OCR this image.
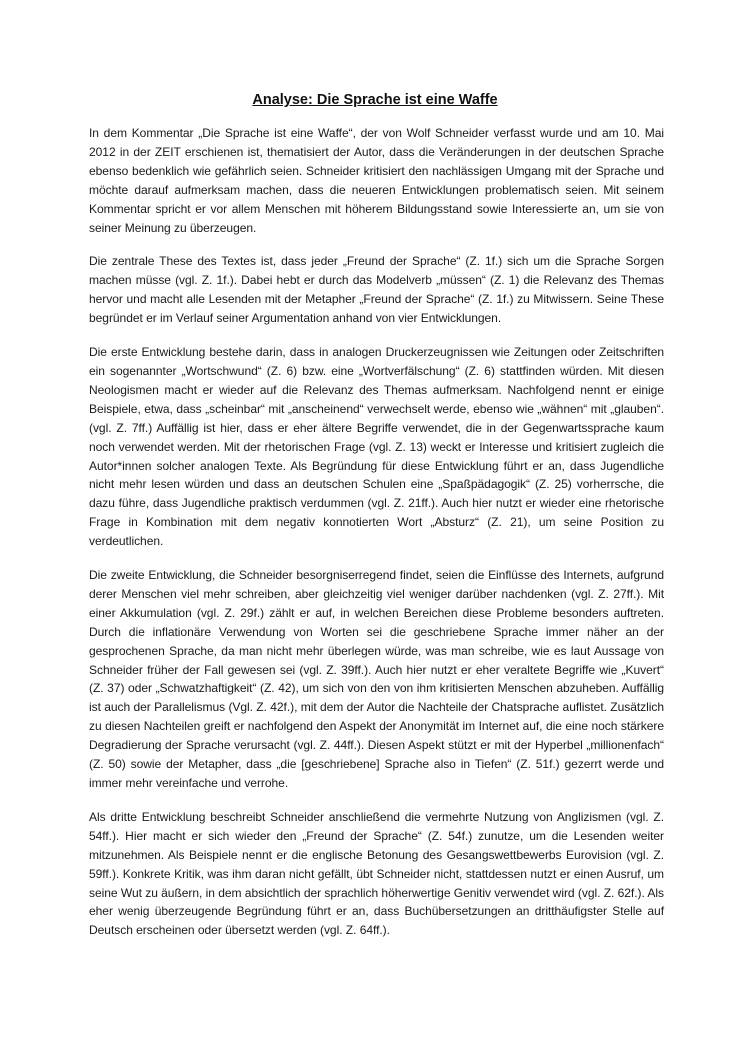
Analyse: Die Sprache ist eine Waffe

In dem Kommentar „Die Sprache ist eine Waffe“, der von Wolf Schneider verfasst wurde und am 10. Mai 2012 in der ZEIT erschienen ist, thematisiert der Autor, dass die Veränderungen in der deutschen Sprache ebenso bedenklich wie gefährlich seien. Schneider kritisiert den nachlässigen Umgang mit der Sprache und möchte darauf aufmerksam machen, dass die neueren Entwicklungen problematisch seien. Mit seinem Kommentar spricht er vor allem Menschen mit höherem Bildungsstand sowie Interessierte an, um sie von seiner Meinung zu überzeugen.

Die zentrale These des Textes ist, dass jeder „Freund der Sprache“ (Z. 1f.) sich um die Sprache Sorgen machen müsse (vgl. Z. 1f.). Dabei hebt er durch das Modelverb „müssen“ (Z. 1) die Relevanz des Themas hervor und macht alle Lesenden mit der Metapher „Freund der Sprache“ (Z. 1f.) zu Mitwissern. Seine These begründet er im Verlauf seiner Argumentation anhand von vier Entwicklungen.

Die erste Entwicklung bestehe darin, dass in analogen Druckerzeugnissen wie Zeitungen oder Zeitschriften ein sogenannter „Wortschwund“ (Z. 6) bzw. eine „Wortverfälschung“ (Z. 6) stattfinden würden. Mit diesen Neologismen macht er wieder auf die Relevanz des Themas aufmerksam. Nachfolgend nennt er einige Beispiele, etwa, dass „scheinbar“ mit „anscheinend“ verwechselt werde, ebenso wie „wähnen“ mit „glauben“. (vgl. Z. 7ff.) Auffällig ist hier, dass er eher ältere Begriffe verwendet, die in der Gegenwartssprache kaum noch verwendet werden. Mit der rhetorischen Frage (vgl. Z. 13) weckt er Interesse und kritisiert zugleich die Autor*innen solcher analogen Texte. Als Begründung für diese Entwicklung führt er an, dass Jugendliche nicht mehr lesen würden und dass an deutschen Schulen eine „Spaßpädagogik“ (Z. 25) vorherrsche, die dazu führe, dass Jugendliche praktisch verdummen (vgl. Z. 21ff.). Auch hier nutzt er wieder eine rhetorische Frage in Kombination mit dem negativ konnotierten Wort „Absturz“ (Z. 21), um seine Position zu verdeutlichen.

Die zweite Entwicklung, die Schneider besorgniserregend findet, seien die Einflüsse des Internets, aufgrund derer Menschen viel mehr schreiben, aber gleichzeitig viel weniger darüber nachdenken (vgl. Z. 27ff.). Mit einer Akkumulation (vgl. Z. 29f.) zählt er auf, in welchen Bereichen diese Probleme besonders auftreten. Durch die inflationäre Verwendung von Worten sei die geschriebene Sprache immer näher an der gesprochenen Sprache, da man nicht mehr überlegen würde, was man schreibe, wie es laut Aussage von Schneider früher der Fall gewesen sei (vgl. Z. 39ff.). Auch hier nutzt er eher veraltete Begriffe wie „Kuvert“ (Z. 37) oder „Schwatzhaftigkeit“ (Z. 42), um sich von den von ihm kritisierten Menschen abzuheben. Auffällig ist auch der Parallelismus (Vgl. Z. 42f.), mit dem der Autor die Nachteile der Chatsprache auflistet. Zusätzlich zu diesen Nachteilen greift er nachfolgend den Aspekt der Anonymität im Internet auf, die eine noch stärkere Degradierung der Sprache verursacht (vgl. Z. 44ff.). Diesen Aspekt stützt er mit der Hyperbel „millionenfach“ (Z. 50) sowie der Metapher, dass „die [geschriebene] Sprache also in Tiefen“ (Z. 51f.) gezerrt werde und immer mehr vereinfache und verrohe.

Als dritte Entwicklung beschreibt Schneider anschließend die vermehrte Nutzung von Anglizismen (vgl. Z. 54ff.). Hier macht er sich wieder den „Freund der Sprache“ (Z. 54f.) zunutze, um die Lesenden weiter mitzunehmen. Als Beispiele nennt er die englische Betonung des Gesangswettbewerbs Eurovision (vgl. Z. 59ff.). Konkrete Kritik, was ihm daran nicht gefällt, übt Schneider nicht, stattdessen nutzt er einen Ausruf, um seine Wut zu äußern, in dem absichtlich der sprachlich höherwertige Genitiv verwendet wird (vgl. Z. 62f.). Als eher wenig überzeugende Begründung führt er an, dass Buchübersetzungen an dritthäufigster Stelle auf Deutsch erscheinen oder übersetzt werden (vgl. Z. 64ff.).
